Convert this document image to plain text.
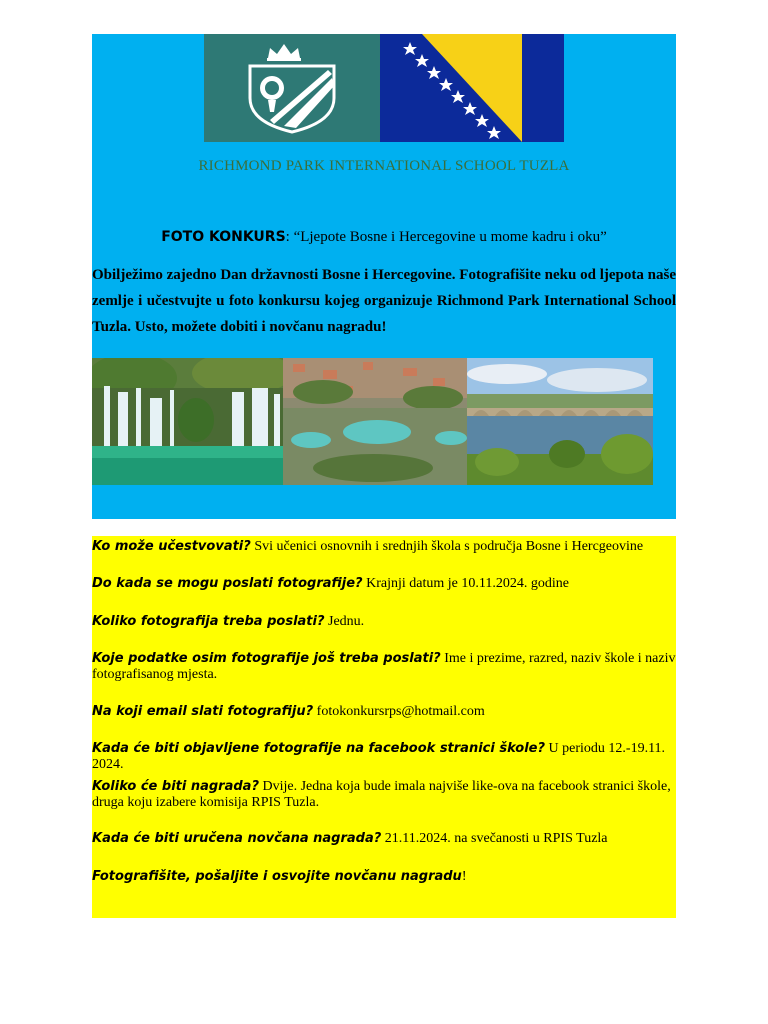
RICHMOND PARK INTERNATIONAL SCHOOL TUZLA
FOTO KONKURS: “Ljepote Bosne i Hercegovine u mome kadru i oku”
Obilježimo zajedno Dan državnosti Bosne i Hercegovine. Fotografišite neku od ljepota naše zemlje i učestvujte u foto konkursu kojeg organizuje Richmond Park International School Tuzla. Usto, možete dobiti i novčanu nagradu!
Ko može učestvovati? Svi učenici osnovnih i srednjih škola s područja Bosne i Hercgeovine
Do kada se mogu poslati fotografije? Krajnji datum je 10.11.2024. godine
Koliko fotografija treba poslati? Jednu.
Koje podatke osim fotografije još treba poslati? Ime i prezime, razred, naziv škole i naziv fotografisanog mjesta.
Na koji email slati fotografiju? fotokonkursrps@hotmail.com
Kada će biti objavljene fotografije na facebook stranici škole? U periodu 12.-19.11. 2024.
Koliko će biti nagrada? Dvije. Jedna koja bude imala najviše like-ova na facebook stranici škole, druga koju izabere komisija RPIS Tuzla.
Kada će biti uručena novčana nagrada? 21.11.2024. na svečanosti u RPIS Tuzla
Fotografišite, pošaljite i osvojite novčanu nagradu!
